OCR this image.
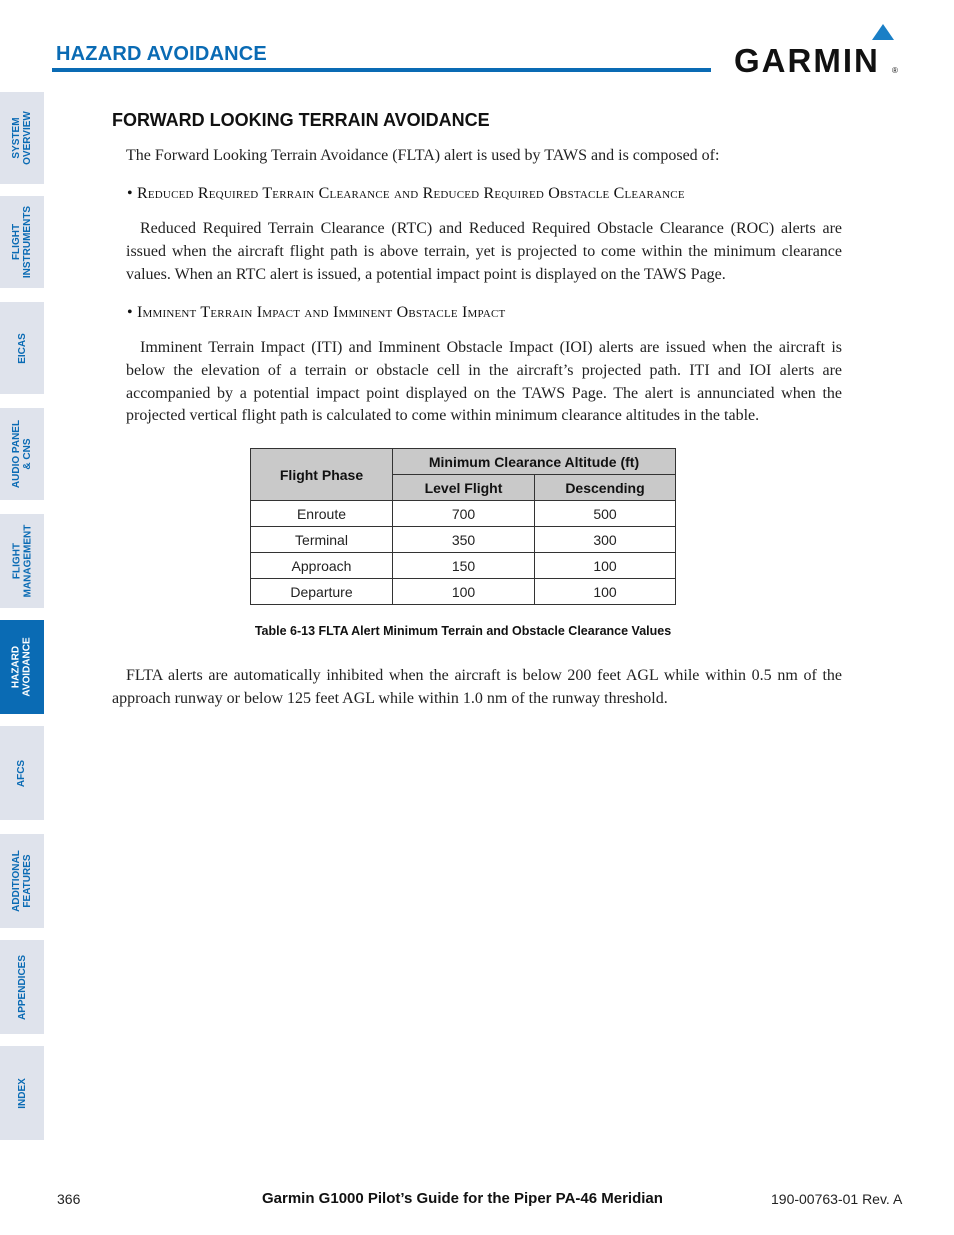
HAZARD AVOIDANCE	GARMIN ®
SYSTEM
OVERVIEW
FLIGHT
INSTRUMENTS
EICAS
AUDIO PANEL
& CNS
FLIGHT
MANAGEMENT
HAZARD
AVOIDANCE
AFCS
ADDITIONAL
FEATURES
APPENDICES
INDEX
FORWARD LOOKING TERRAIN AVOIDANCE

The Forward Looking Terrain Avoidance (FLTA) alert is used by TAWS and is composed of:

• Reduced Required Terrain Clearance and Reduced Required Obstacle Clearance

Reduced Required Terrain Clearance (RTC) and Reduced Required Obstacle Clearance (ROC) alerts are issued when the aircraft flight path is above terrain, yet is projected to come within the minimum clearance values. When an RTC alert is issued, a potential impact point is displayed on the TAWS Page.

• Imminent Terrain Impact and Imminent Obstacle Impact

Imminent Terrain Impact (ITI) and Imminent Obstacle Impact (IOI) alerts are issued when the aircraft is below the elevation of a terrain or obstacle cell in the aircraft’s projected path. ITI and IOI alerts are accompanied by a potential impact point displayed on the TAWS Page. The alert is annunciated when the projected vertical flight path is calculated to come within minimum clearance altitudes in the table.

Flight Phase	Minimum Clearance Altitude (ft)	
	Level Flight	Descending
Enroute	700	500
Terminal	350	300
Approach	150	100
Departure	100	100
Table 6-13 FLTA Alert Minimum Terrain and Obstacle Clearance Values

FLTA alerts are automatically inhibited when the aircraft is below 200 feet AGL while within 0.5 nm of the approach runway or below 125 feet AGL while within 1.0 nm of the runway threshold.

366	Garmin G1000 Pilot’s Guide for the Piper PA-46 Meridian	190-00763-01 Rev. A
